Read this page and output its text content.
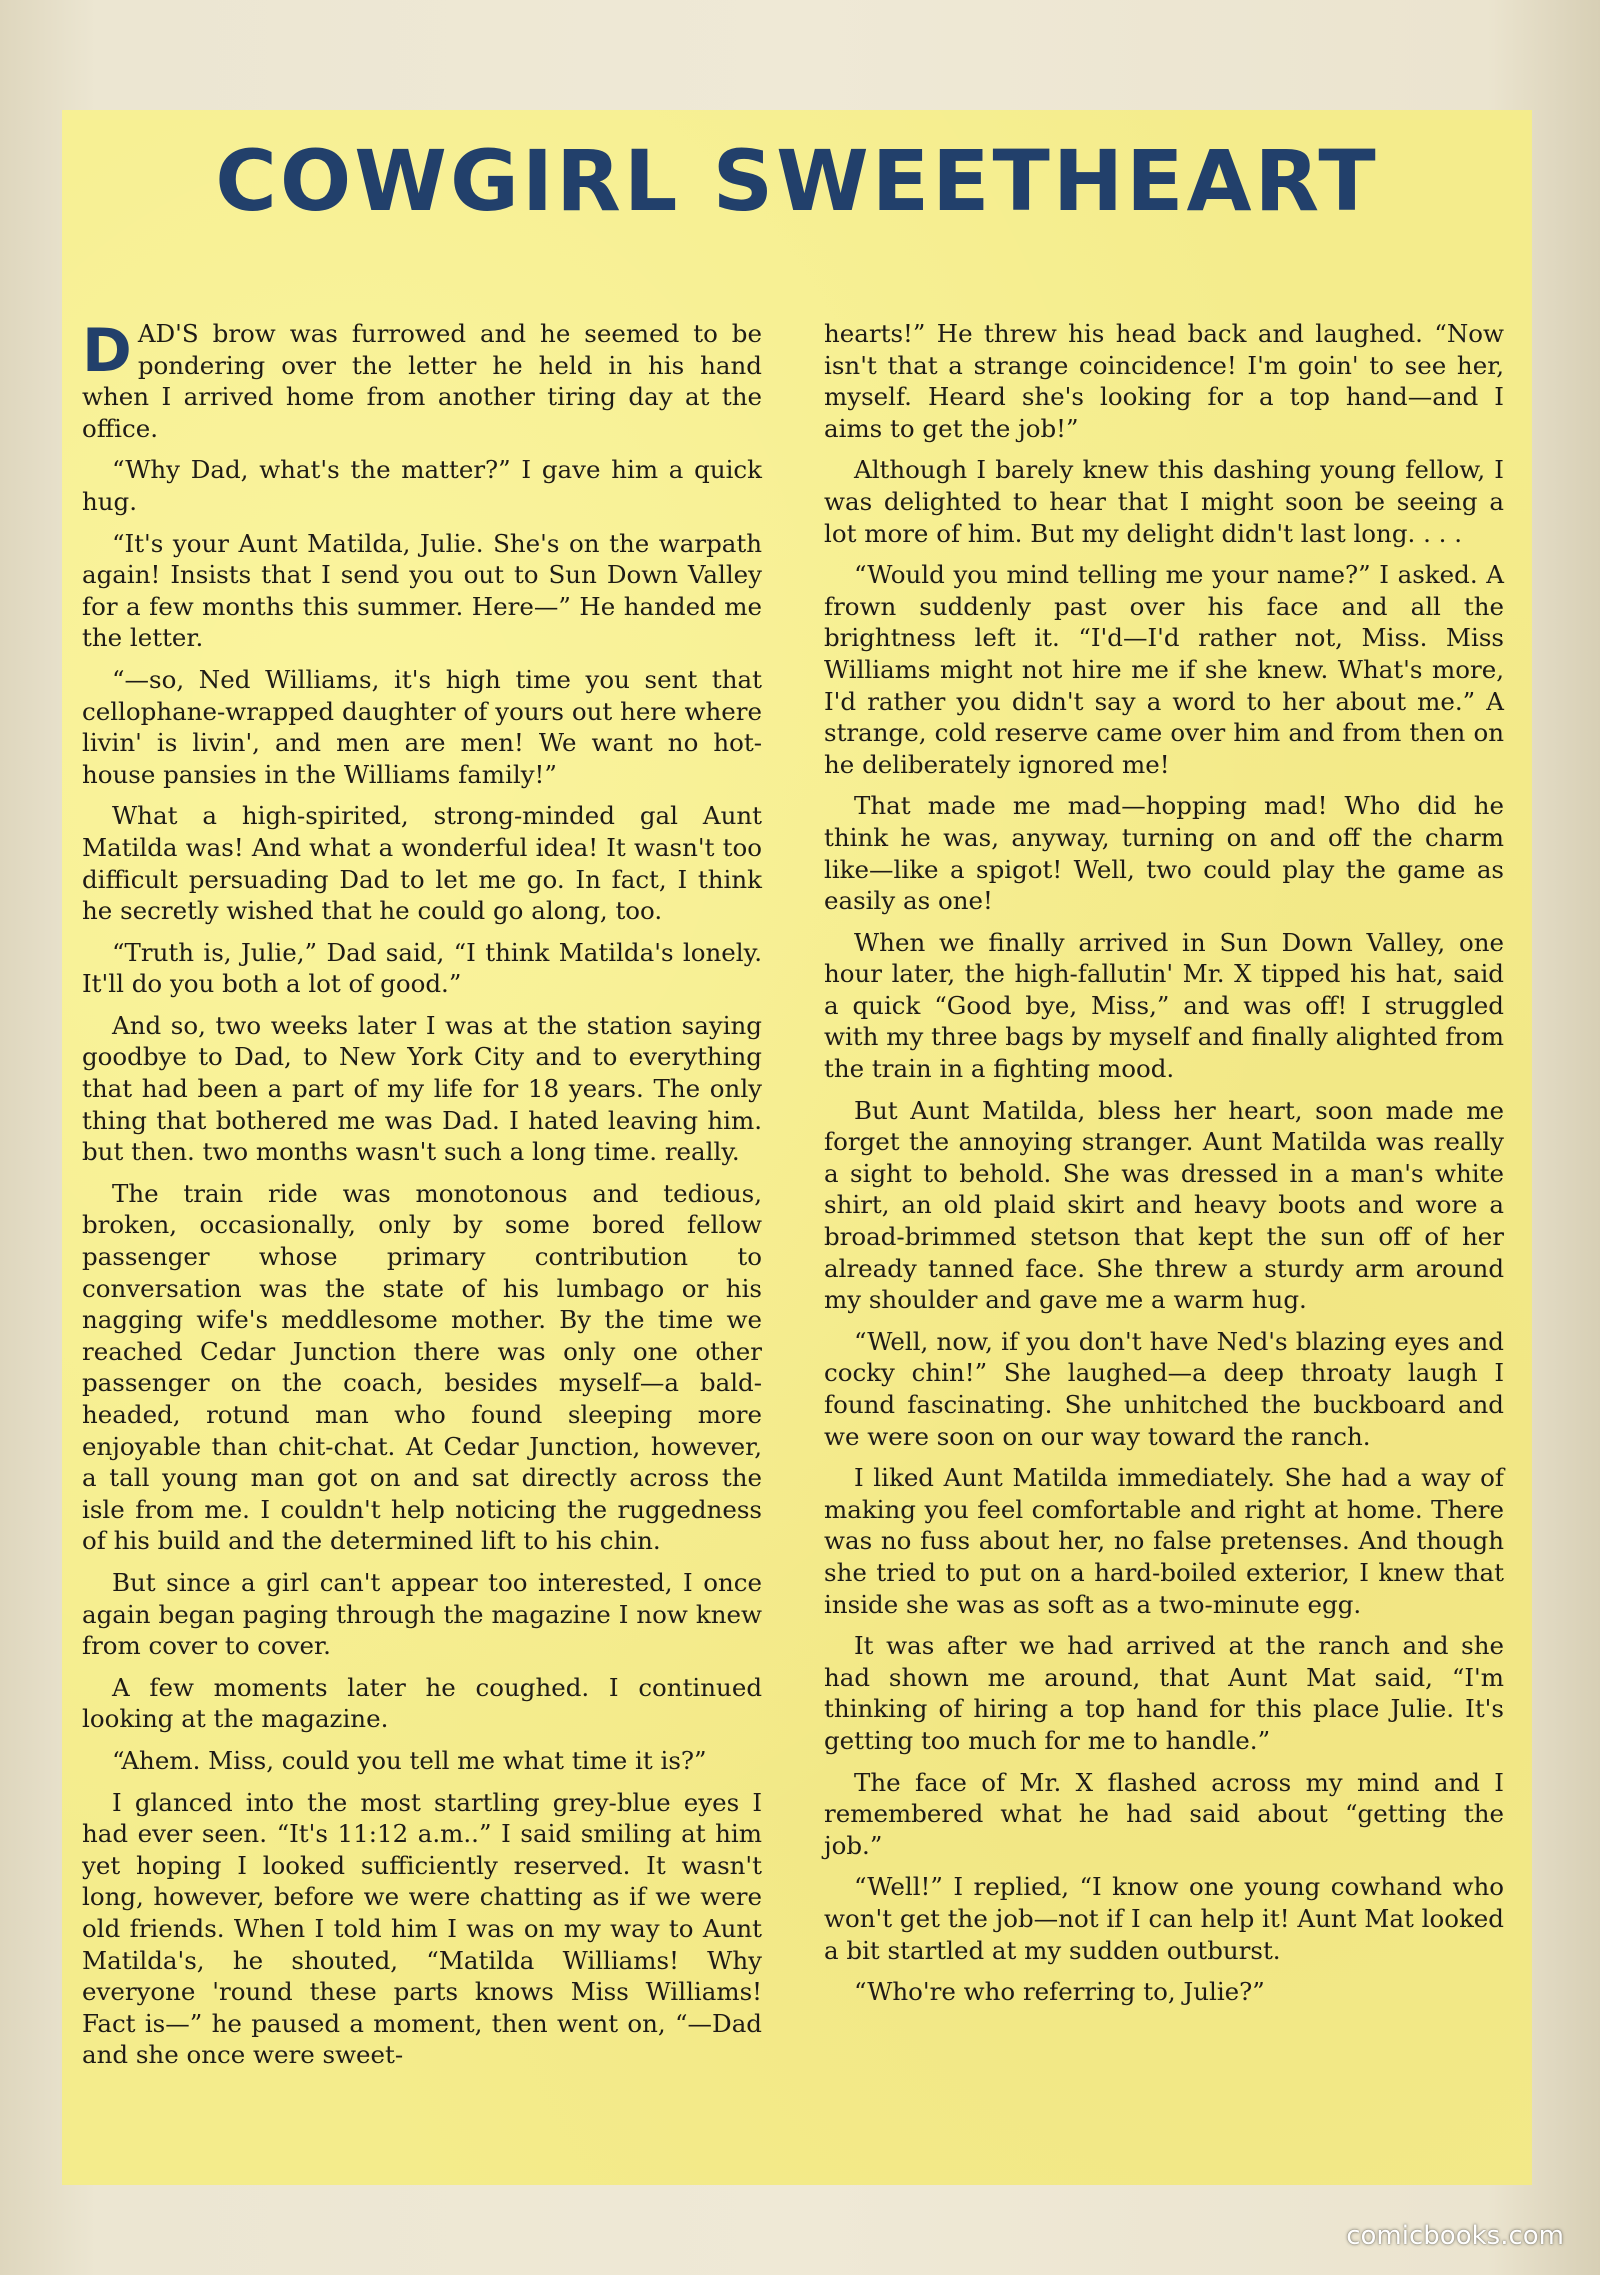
COWGIRL SWEETHEART

DAD'S brow was furrowed and he seemed to be pondering over the letter he held in his hand when I arrived home from another tiring day at the office.

“Why Dad, what's the matter?” I gave him a quick hug.

“It's your Aunt Matilda, Julie. She's on the warpath again! Insists that I send you out to Sun Down Valley for a few months this summer. Here—” He handed me the letter.

“—so, Ned Williams, it's high time you sent that cellophane-wrapped daughter of yours out here where livin' is livin', and men are men! We want no hot-house pansies in the Williams family!”

What a high-spirited, strong-minded gal Aunt Matilda was! And what a wonderful idea! It wasn't too difficult persuading Dad to let me go. In fact, I think he secretly wished that he could go along, too.

“Truth is, Julie,” Dad said, “I think Matilda's lonely. It'll do you both a lot of good.”

And so, two weeks later I was at the station saying goodbye to Dad, to New York City and to everything that had been a part of my life for 18 years. The only thing that bothered me was Dad. I hated leaving him. but then. two months wasn't such a long time. really.

The train ride was monotonous and tedious, broken, occasionally, only by some bored fellow passenger whose primary contribution to conversation was the state of his lumbago or his nagging wife's meddlesome mother. By the time we reached Cedar Junction there was only one other passenger on the coach, besides myself—a bald-headed, rotund man who found sleeping more enjoyable than chit-chat. At Cedar Junction, however, a tall young man got on and sat directly across the isle from me. I couldn't help noticing the ruggedness of his build and the determined lift to his chin.

But since a girl can't appear too interested, I once again began paging through the magazine I now knew from cover to cover.

A few moments later he coughed. I continued looking at the magazine.

“Ahem. Miss, could you tell me what time it is?”

I glanced into the most startling grey-blue eyes I had ever seen. “It's 11:12 a.m..” I said smiling at him yet hoping I looked sufficiently reserved. It wasn't long, however, before we were chatting as if we were old friends. When I told him I was on my way to Aunt Matilda's, he shouted, “Matilda Williams! Why everyone 'round these parts knows Miss Williams! Fact is—” he paused a moment, then went on, “—Dad and she once were sweet-

hearts!” He threw his head back and laughed. “Now isn't that a strange coincidence! I'm goin' to see her, myself. Heard she's looking for a top hand—and I aims to get the job!”

Although I barely knew this dashing young fellow, I was delighted to hear that I might soon be seeing a lot more of him. But my delight didn't last long. . . .

“Would you mind telling me your name?” I asked. A frown suddenly past over his face and all the brightness left it. “I'd—I'd rather not, Miss. Miss Williams might not hire me if she knew. What's more, I'd rather you didn't say a word to her about me.” A strange, cold reserve came over him and from then on he deliberately ignored me!

That made me mad—hopping mad! Who did he think he was, anyway, turning on and off the charm like—like a spigot! Well, two could play the game as easily as one!

When we finally arrived in Sun Down Valley, one hour later, the high-fallutin' Mr. X tipped his hat, said a quick “Good bye, Miss,” and was off! I struggled with my three bags by myself and finally alighted from the train in a fighting mood.

But Aunt Matilda, bless her heart, soon made me forget the annoying stranger. Aunt Matilda was really a sight to behold. She was dressed in a man's white shirt, an old plaid skirt and heavy boots and wore a broad-brimmed stetson that kept the sun off of her already tanned face. She threw a sturdy arm around my shoulder and gave me a warm hug.

“Well, now, if you don't have Ned's blazing eyes and cocky chin!” She laughed—a deep throaty laugh I found fascinating. She unhitched the buckboard and we were soon on our way toward the ranch.

I liked Aunt Matilda immediately. She had a way of making you feel comfortable and right at home. There was no fuss about her, no false pretenses. And though she tried to put on a hard-boiled exterior, I knew that inside she was as soft as a two-minute egg.

It was after we had arrived at the ranch and she had shown me around, that Aunt Mat said, “I'm thinking of hiring a top hand for this place Julie. It's getting too much for me to handle.”

The face of Mr. X flashed across my mind and I remembered what he had said about “getting the job.”

“Well!” I replied, “I know one young cowhand who won't get the job—not if I can help it! Aunt Mat looked a bit startled at my sudden outburst.

“Who're who referring to, Julie?”

comicbooks.com
